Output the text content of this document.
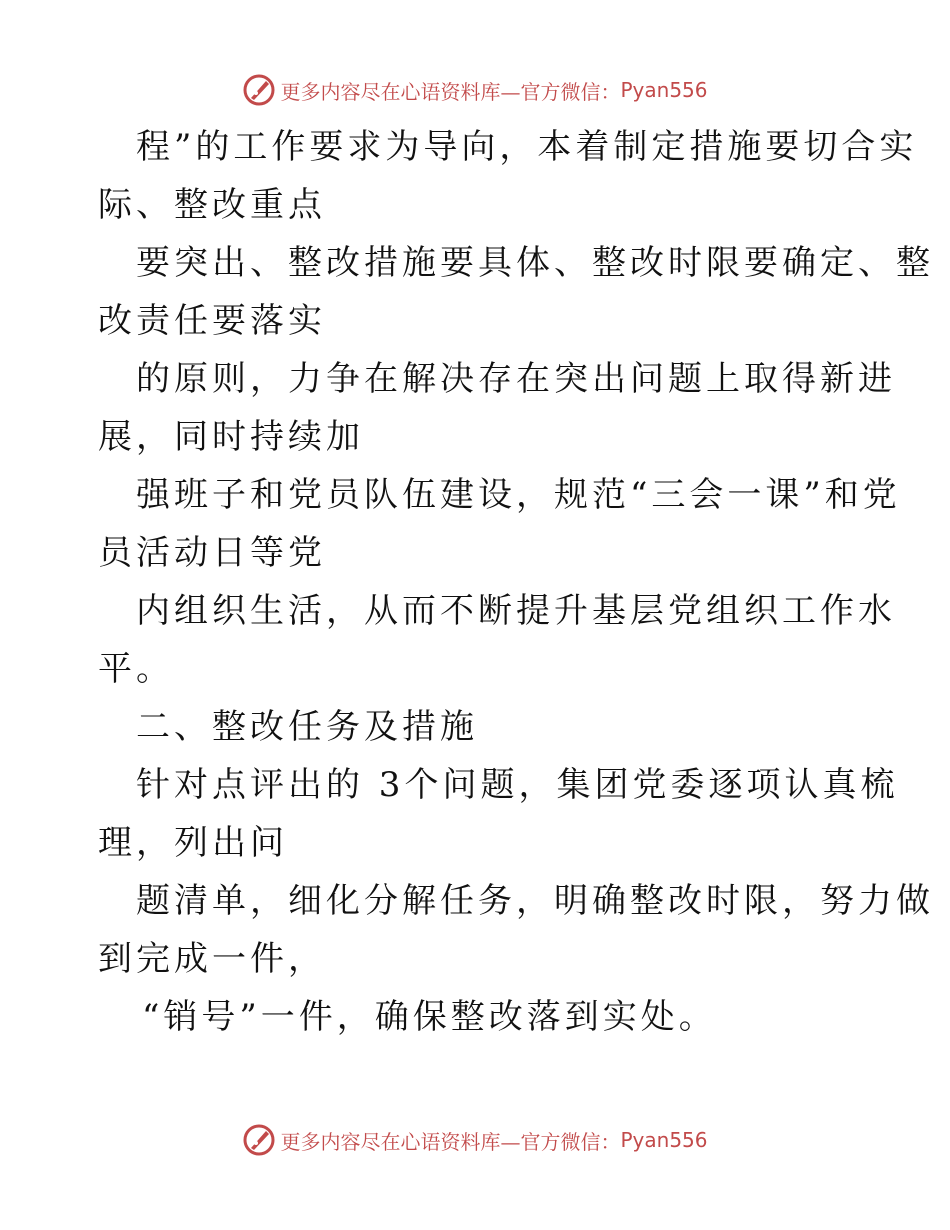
更多内容尽在心语资料库—官方微信： Pyan556
程”的工作要求为导向，本着制定措施要切合实
际、整改重点
要突出、整改措施要具体、整改时限要确定、整
改责任要落实
的原则，力争在解决存在突出问题上取得新进
展，同时持续加
强班子和党员队伍建设，规范“三会一课”和党
员活动日等党
内组织生活，从而不断提升基层党组织工作水
平。
二、整改任务及措施
针对点评出的 3个问题，集团党委逐项认真梳
理，列出问
题清单，细化分解任务，明确整改时限，努力做
到完成一件，
“销号”一件，确保整改落到实处。
更多内容尽在心语资料库—官方微信： Pyan556
